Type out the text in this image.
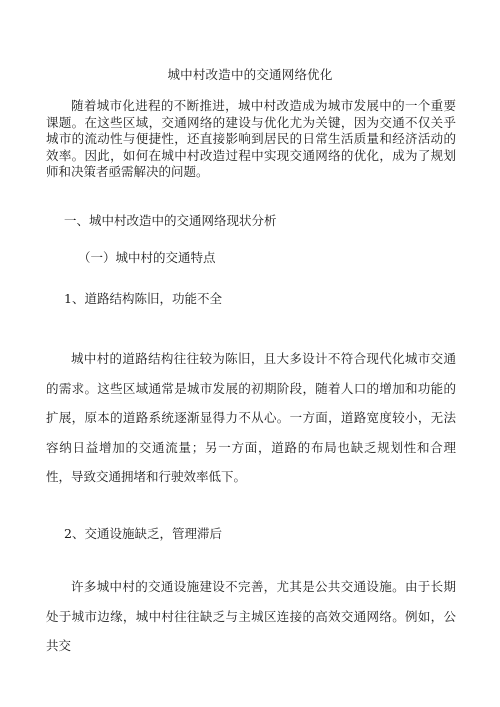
城中村改造中的交通网络优化
随着城市化进程的不断推进，城中村改造成为城市发展中的一个重要课题。在这些区域，交通网络的建设与优化尤为关键，因为交通不仅关乎城市的流动性与便捷性，还直接影响到居民的日常生活质量和经济活动的效率。因此，如何在城中村改造过程中实现交通网络的优化，成为了规划师和决策者亟需解决的问题。
一、城中村改造中的交通网络现状分析
（一）城中村的交通特点
1、道路结构陈旧，功能不全
城中村的道路结构往往较为陈旧，且大多设计不符合现代化城市交通的需求。这些区域通常是城市发展的初期阶段，随着人口的增加和功能的扩展，原本的道路系统逐渐显得力不从心。一方面，道路宽度较小，无法容纳日益增加的交通流量；另一方面，道路的布局也缺乏规划性和合理性，导致交通拥堵和行驶效率低下。
2、交通设施缺乏，管理滞后
许多城中村的交通设施建设不完善，尤其是公共交通设施。由于长期处于城市边缘，城中村往往缺乏与主城区连接的高效交通网络。例如，公共交
